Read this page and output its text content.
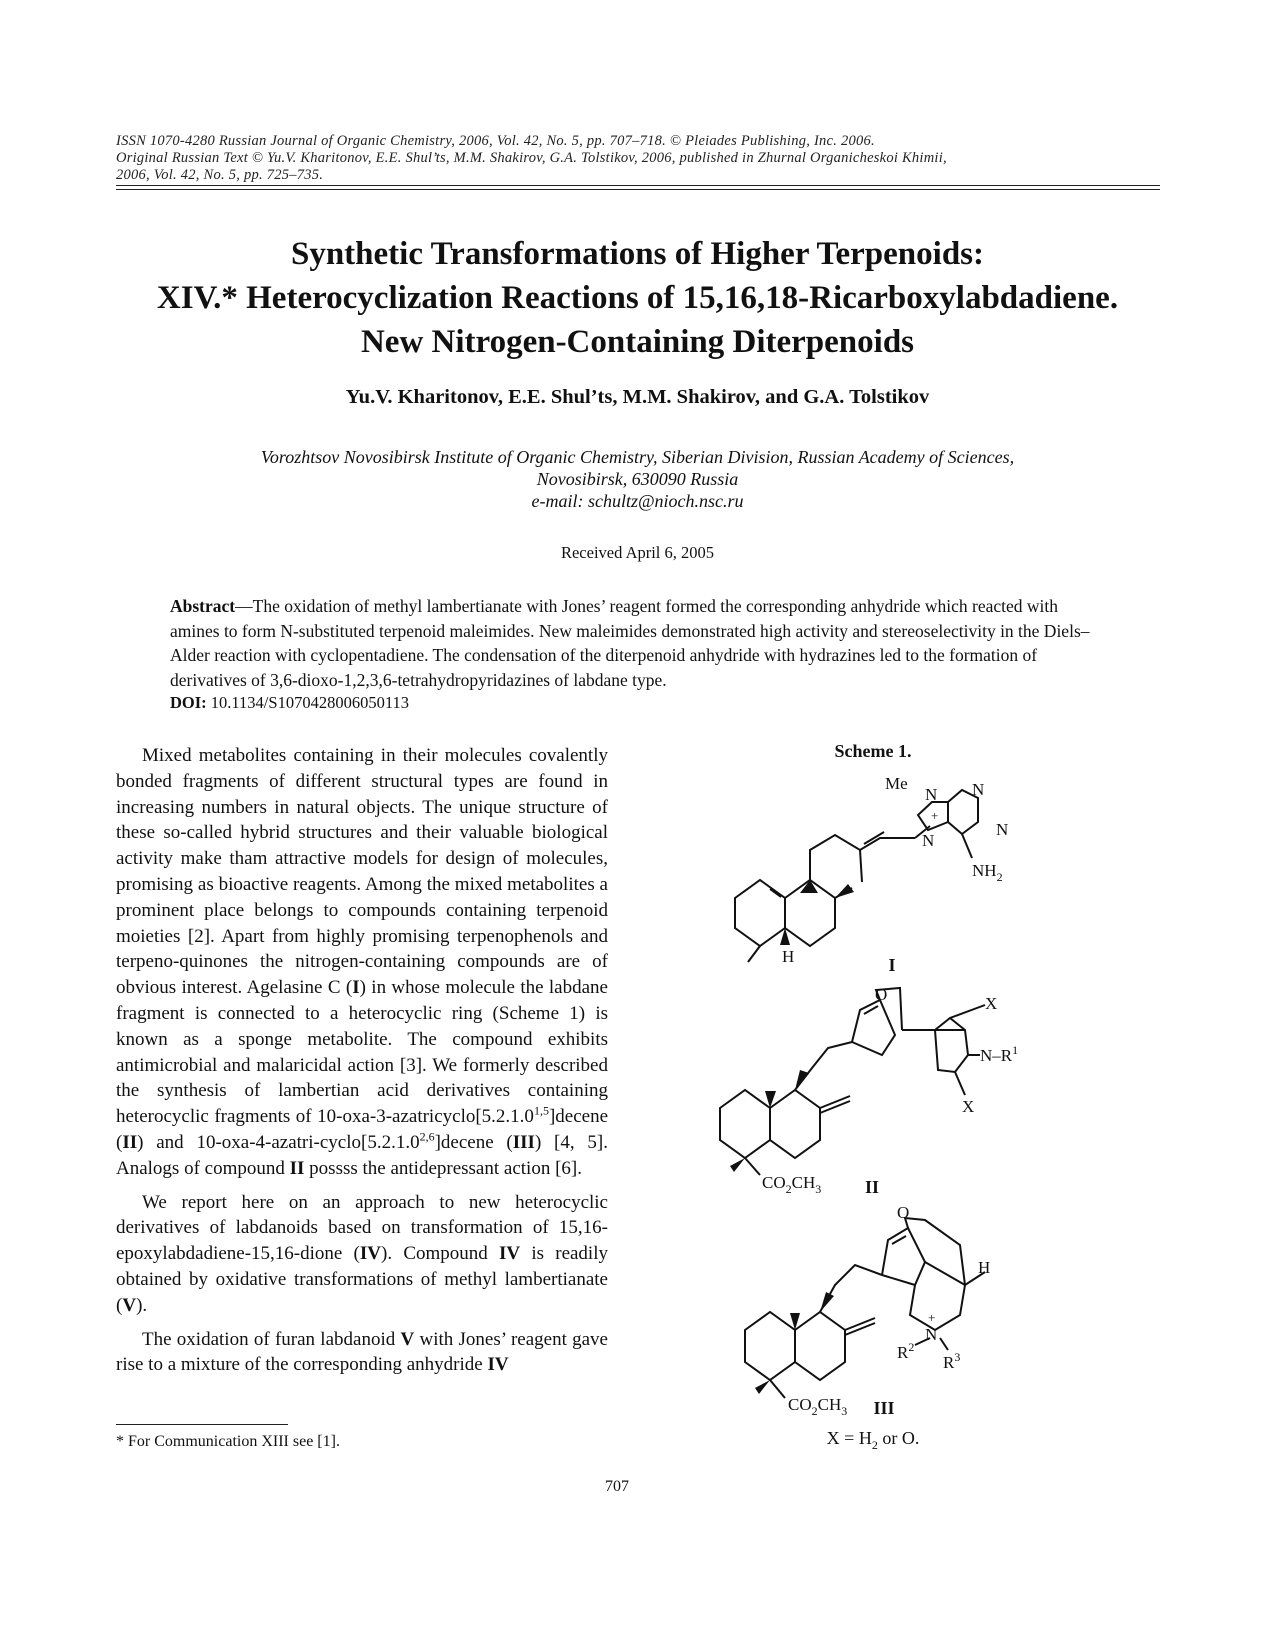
ISSN 1070-4280 Russian Journal of Organic Chemistry, 2006, Vol. 42, No. 5, pp. 707–718. © Pleiades Publishing, Inc. 2006.
Original Russian Text © Yu.V. Kharitonov, E.E. Shul’ts, M.M. Shakirov, G.A. Tolstikov, 2006, published in Zhurnal Organicheskoi Khimii,
2006, Vol. 42, No. 5, pp. 725–735.
Synthetic Transformations of Higher Terpenoids:
XIV.* Heterocyclization Reactions of 15,16,18-Ricarboxylabdadiene.
New Nitrogen-Containing Diterpenoids
Yu.V. Kharitonov, E.E. Shul’ts, M.M. Shakirov, and G.A. Tolstikov
Vorozhtsov Novosibirsk Institute of Organic Chemistry, Siberian Division, Russian Academy of Sciences,
Novosibirsk, 630090 Russia
e-mail: schultz@nioch.nsc.ru
Received April 6, 2005
Abstract—The oxidation of methyl lambertianate with Jones’ reagent formed the corresponding anhydride which reacted with amines to form N-substituted terpenoid maleimides. New maleimides demonstrated high activity and stereoselectivity in the Diels–Alder reaction with cyclopentadiene. The condensation of the diterpenoid anhydride with hydrazines led to the formation of derivatives of 3,6-dioxo-1,2,3,6-tetrahydropyridazines of labdane type.
DOI: 10.1134/S1070428006050113

Mixed metabolites containing in their molecules covalently bonded fragments of different structural types are found in increasing numbers in natural objects. The unique structure of these so-called hybrid structures and their valuable biological activity make tham attractive models for design of molecules, promising as bioactive reagents. Among the mixed metabolites a prominent place belongs to compounds containing terpenoid moieties [2]. Apart from highly promising terpenophenols and terpeno-quinones the nitrogen-containing compounds are of obvious interest. Agelasine C (I) in whose molecule the labdane fragment is connected to a heterocyclic ring (Scheme 1) is known as a sponge metabolite. The compound exhibits antimicrobial and malaricidal action [3]. We formerly described the synthesis of lambertian acid derivatives containing heterocyclic fragments of 10-oxa-3-azatricyclo[5.2.1.0$^{1,5}$]decene (II) and 10-oxa-4-azatri-cyclo[5.2.1.0$^{2,6}$]decene (III) [4, 5]. Analogs of compound II possss the antidepressant action [6].

We report here on an approach to new heterocyclic derivatives of labdanoids based on transformation of 15,16-epoxylabdadiene-15,16-dione (IV). Compound IV is readily obtained by oxidative transformations of methyl lambertianate (V).

The oxidation of furan labdanoid V with Jones’ reagent gave rise to a mixture of the corresponding anhydride IV

* For Communication XIII see [1].
707
Scheme 1.
Me
N
+
N
N
N
$NH_2$
H	I
O	X
$N-R^1$
X
$CO_2CH_3$ II
O
H
N
+
$R^2$
$R^3$
$CO_2CH_3$ III
$X = H_2$ or O.
